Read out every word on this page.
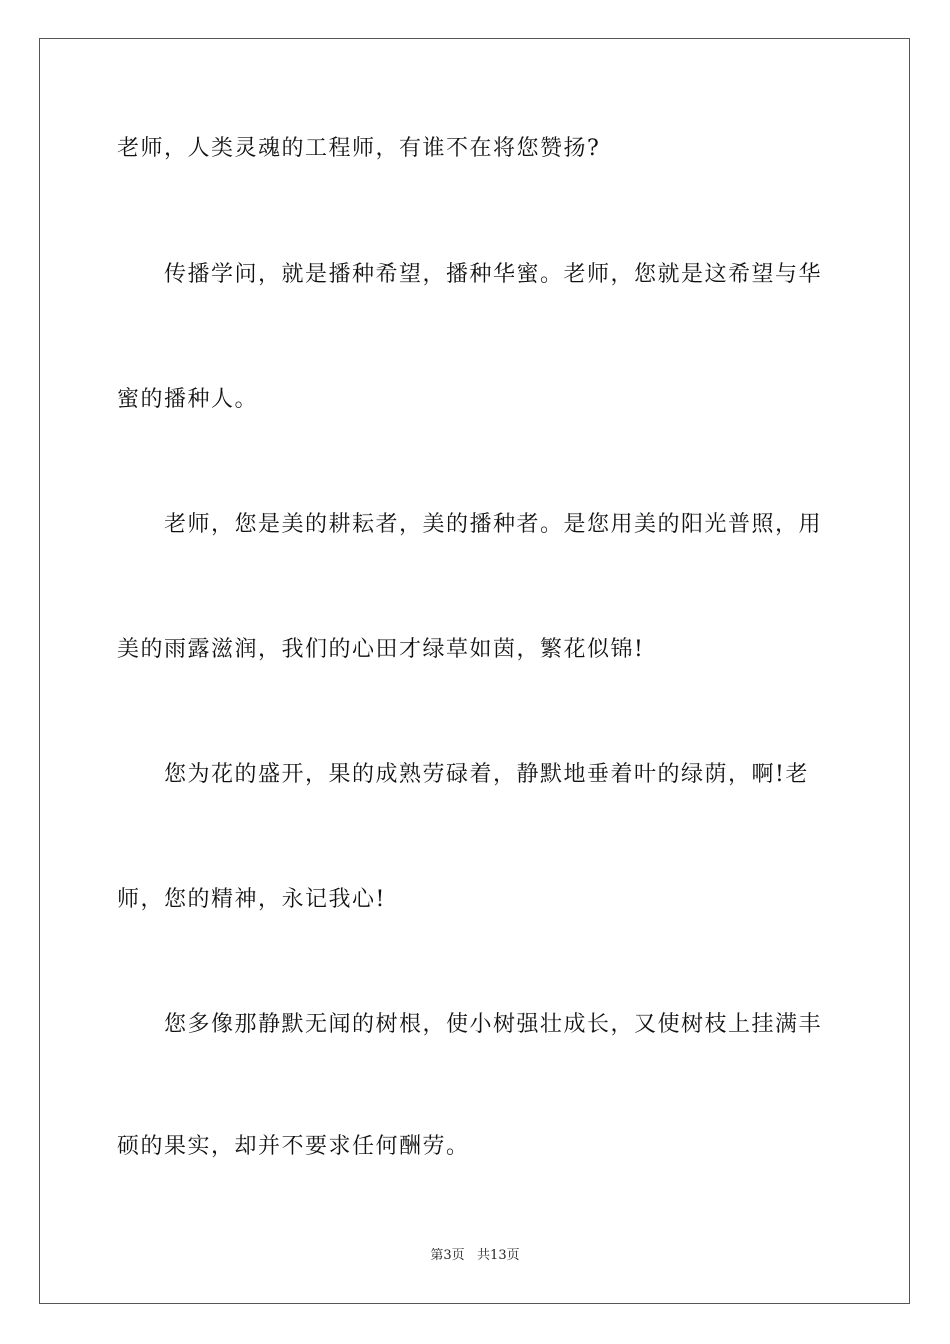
老师，人类灵魂的工程师，有谁不在将您赞扬?
传播学问，就是播种希望，播种华蜜。老师，您就是这希望与华
蜜的播种人。
老师，您是美的耕耘者，美的播种者。是您用美的阳光普照，用
美的雨露滋润，我们的心田才绿草如茵，繁花似锦!
您为花的盛开，果的成熟劳碌着，静默地垂着叶的绿荫，啊!老
师，您的精神，永记我心!
您多像那静默无闻的树根，使小树强壮成长，又使树枝上挂满丰
硕的果实，却并不要求任何酬劳。
第3页   共13页
